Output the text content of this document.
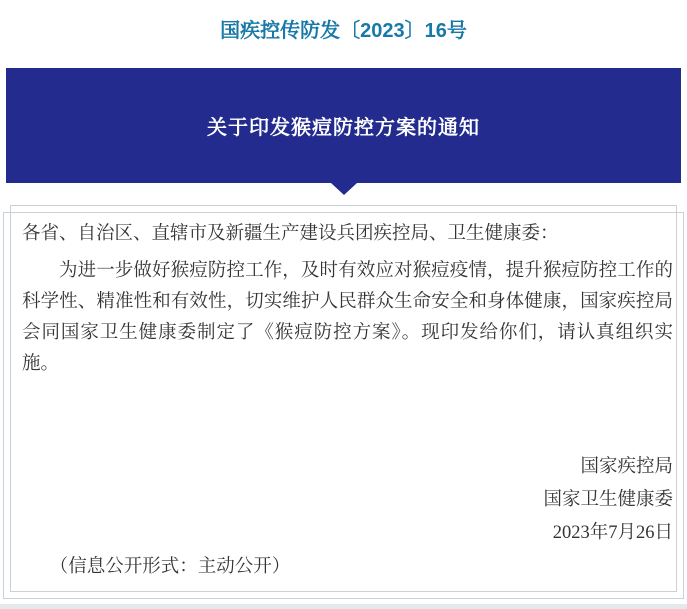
国疾控传防发〔2023〕16号
关于印发猴痘防控方案的通知

各省、自治区、直辖市及新疆生产建设兵团疾控局、卫生健康委：

为进一步做好猴痘防控工作，及时有效应对猴痘疫情，提升猴痘防控工作的科学性、精准性和有效性，切实维护人民群众生命安全和身体健康，国家疾控局会同国家卫生健康委制定了《猴痘防控方案》。现印发给你们，请认真组织实施。

国家疾控局

国家卫生健康委

2023年7月26日

（信息公开形式：主动公开）
